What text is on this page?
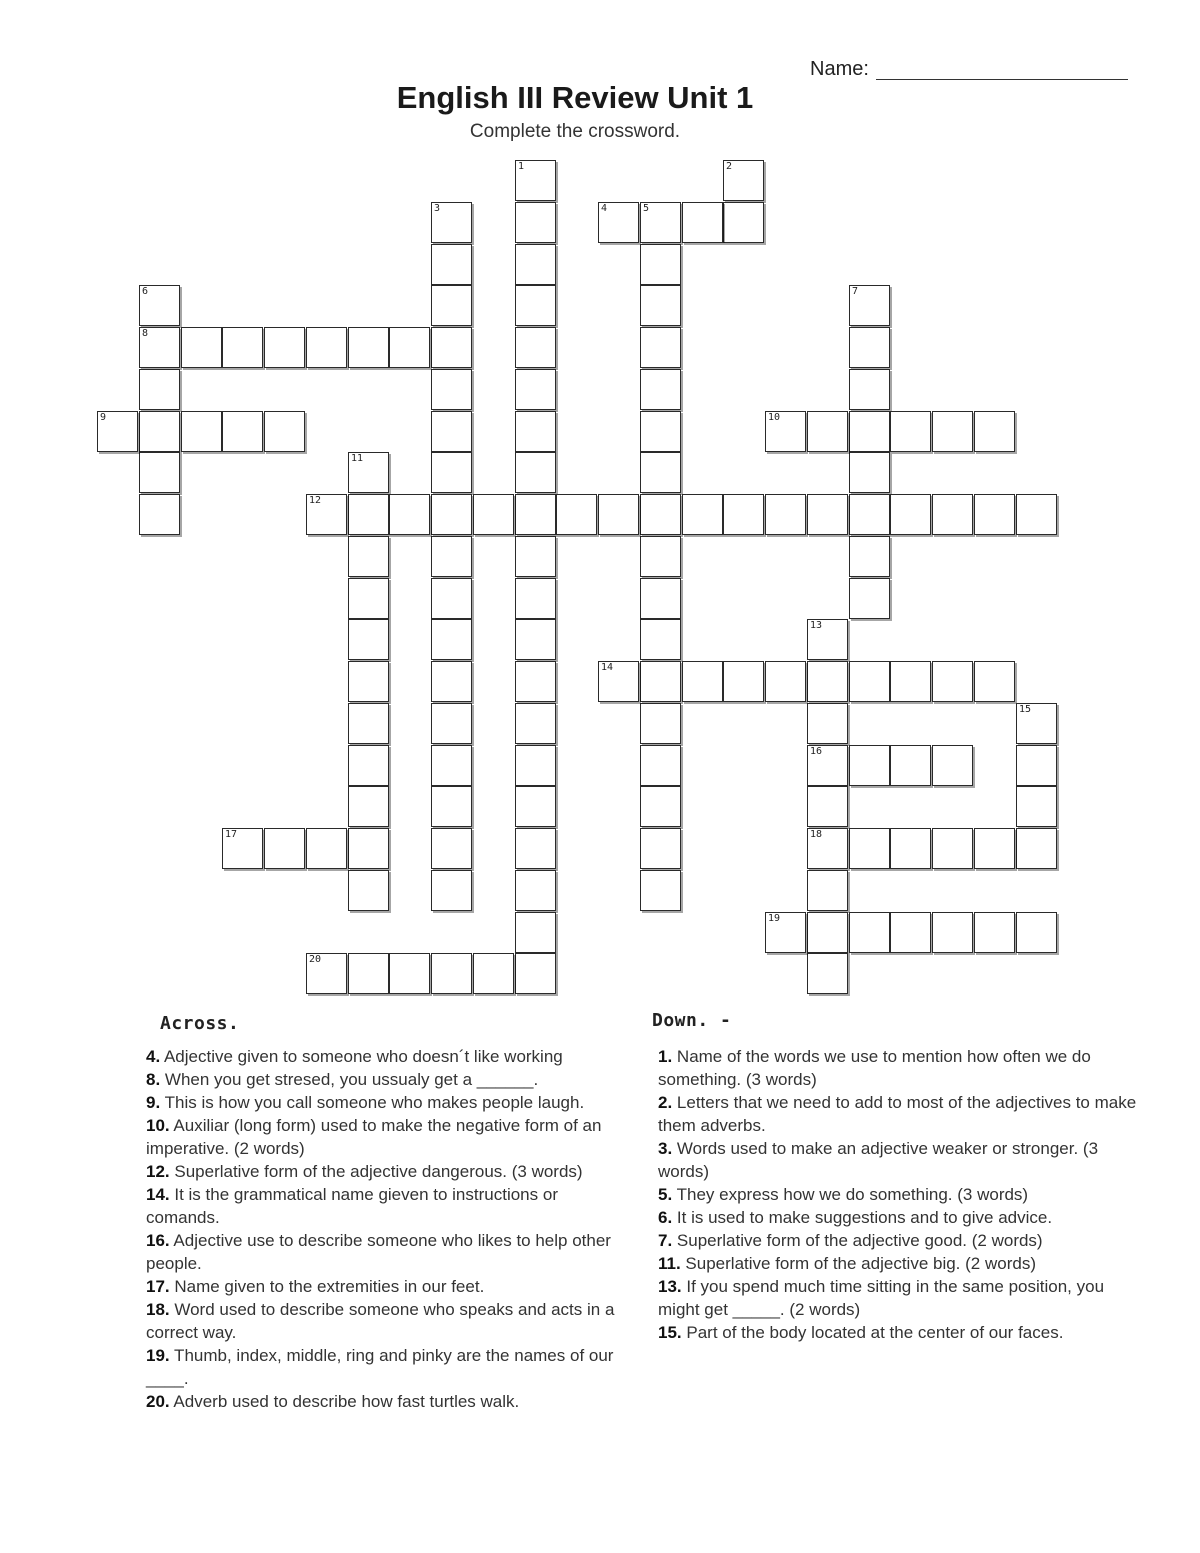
Name:
English III Review Unit 1
Complete the crossword.
1	2
3	4	5
6
8
7
9	10
11
12
13
16
18
14
15
17
19
20
Across.
4. Adjective given to someone who doesn´t like working
8. When you get stresed, you ussualy get a ______.
9. This is how you call someone who makes people laugh.
10. Auxiliar (long form) used to make the negative form of an imperative. (2 words)
12. Superlative form of the adjective dangerous. (3 words)
14. It is the grammatical name gieven to instructions or comands.
16. Adjective use to describe someone who likes to help other people.
17. Name given to the extremities in our feet.
18. Word used to describe someone who speaks and acts in a correct way.
19. Thumb, index, middle, ring and pinky are the names of our ____.
20. Adverb used to describe how fast turtles walk.
Down. -
1. Name of the words we use to mention how often we do something. (3 words)
2. Letters that we need to add to most of the adjectives to make them adverbs.
3. Words used to make an adjective weaker or stronger. (3 words)
5. They express how we do something. (3 words)
6. It is used to make suggestions and to give advice.
7. Superlative form of the adjective good. (2 words)
11. Superlative form of the adjective big. (2 words)
13. If you spend much time sitting in the same position, you might get _____. (2 words)
15. Part of the body located at the center of our faces.
